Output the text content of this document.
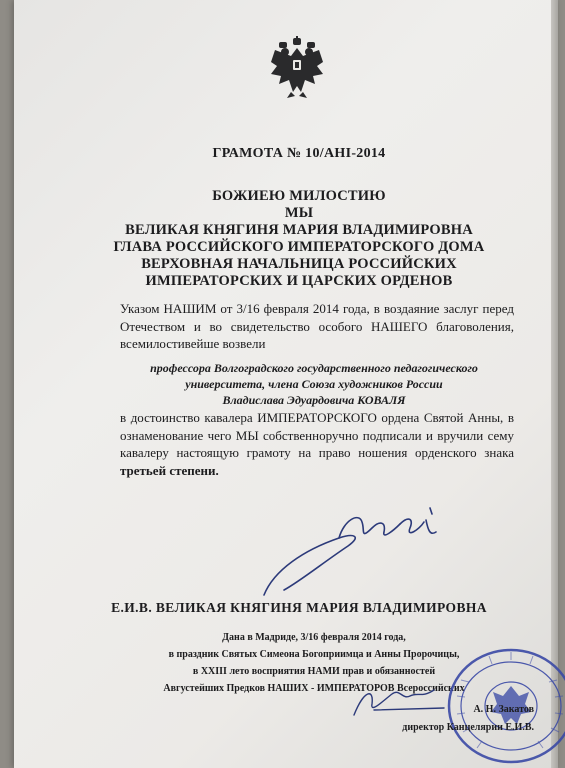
ГРАМОТА № 10/АНІ-2014
БОЖИЕЮ МИЛОСТИЮ
МЫ
ВЕЛИКАЯ КНЯГИНЯ МАРИЯ ВЛАДИМИРОВНА
ГЛАВА РОССИЙСКОГО ИМПЕРАТОРСКОГО ДОМА
ВЕРХОВНАЯ НАЧАЛЬНИЦА РОССИЙСКИХ
ИМПЕРАТОРСКИХ И ЦАРСКИХ ОРДЕНОВ
Указом НАШИМ от 3/16 февраля 2014 года, в воздаяние заслуг перед Отечеством и во свидетельство особого НАШЕГО благоволения, всемилостивейше возвели
профессора Волгоградского государственного педагогического
университета, члена Союза художников России
Владислава Эдуардовича КОВАЛЯ
в достоинство кавалера ИМПЕРАТОРСКОГО ордена Святой Анны, в ознаменование чего МЫ собственноручно подписали и вручили сему кавалеру настоящую грамоту на право ношения орденского знака третьей степени.
Е.И.В. ВЕЛИКАЯ КНЯГИНЯ МАРИЯ ВЛАДИМИРОВНА
Дана в Мадриде, 3/16 февраля 2014 года,
в праздник Святых Симеона Богоприимца и Анны Пророчицы,
в XXIII лето восприятия НАМИ прав и обязанностей
Августейших Предков НАШИХ - ИМПЕРАТОРОВ Всероссийских
А. Н. Закатов
директор Канцелярии Е.И.В.
